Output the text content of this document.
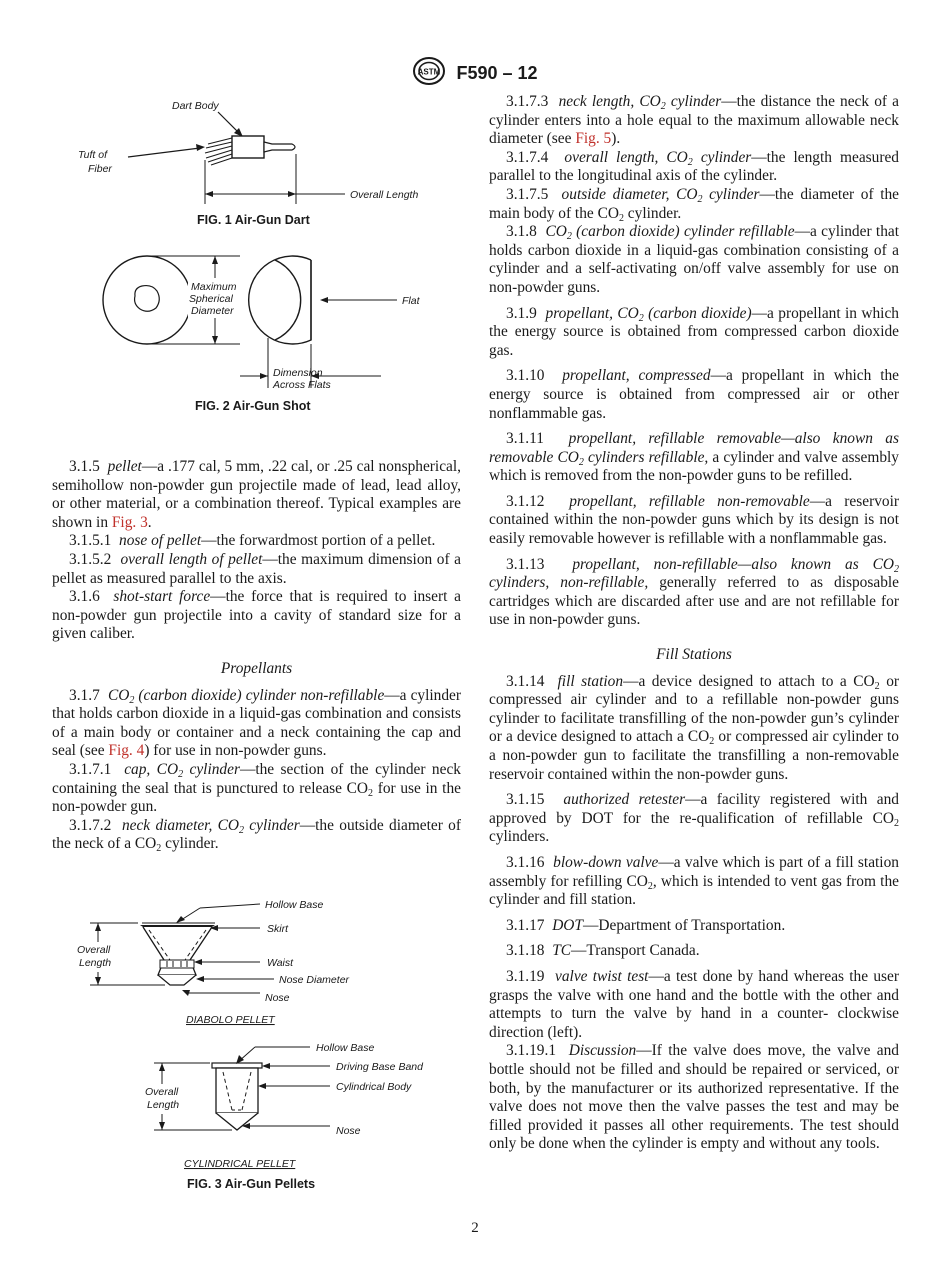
ASTM F590 – 12
Dart Body
Tuft of
Fiber
Overall Length
FIG. 1 Air-Gun Dart
Maximum
Spherical
Diameter
Dimension
Across Flats
Flat
FIG. 2 Air-Gun Shot
Overall
Length
Hollow Base
Skirt
Waist
Nose Diameter
Nose
DIABOLO PELLET
Overall
Length
Hollow Base
Driving Base Band
Cylindrical Body
Nose
CYLINDRICAL PELLET
FIG. 3 Air-Gun Pellets

3.1.5 pellet—a .177 cal, 5 mm, .22 cal, or .25 cal nonspherical, semihollow non-powder gun projectile made of lead, lead alloy, or other material, or a combination thereof. Typical examples are shown in Fig. 3.

3.1.5.1 nose of pellet—the forwardmost portion of a pellet.

3.1.5.2 overall length of pellet—the maximum dimension of a pellet as measured parallel to the axis.

3.1.6 shot-start force—the force that is required to insert a non-powder gun projectile into a cavity of standard size for a given caliber.

Propellants

3.1.7 $CO_2$ (carbon dioxide) cylinder non-refillable—a cylinder that holds carbon dioxide in a liquid-gas combination and consists of a main body or container and a neck containing the cap and seal (see Fig. 4) for use in non-powder guns.

3.1.7.1 cap, $CO_2$ cylinder—the section of the cylinder neck containing the seal that is punctured to release $CO_2$ for use in the non-powder gun.

3.1.7.2 neck diameter, $CO_2$ cylinder—the outside diameter of the neck of a $CO_2$ cylinder.

3.1.7.3 neck length, $CO_2$ cylinder—the distance the neck of a cylinder enters into a hole equal to the maximum allowable neck diameter (see Fig. 5).

3.1.7.4 overall length, $CO_2$ cylinder—the length measured parallel to the longitudinal axis of the cylinder.

3.1.7.5 outside diameter, $CO_2$ cylinder—the diameter of the main body of the $CO_2$ cylinder.

3.1.8 $CO_2$ (carbon dioxide) cylinder refillable—a cylinder that holds carbon dioxide in a liquid-gas combination consisting of a cylinder and a self-activating on/off valve assembly for use on non-powder guns.

3.1.9 propellant, $CO_2$ (carbon dioxide)—a propellant in which the energy source is obtained from compressed carbon dioxide gas.

3.1.10 propellant, compressed—a propellant in which the energy source is obtained from compressed air or other nonflammable gas.

3.1.11 propellant, refillable removable—also known as removable $CO_2$ cylinders refillable, a cylinder and valve assembly which is removed from the non-powder guns to be refilled.

3.1.12 propellant, refillable non-removable—a reservoir contained within the non-powder guns which by its design is not easily removable however is refillable with a nonflammable gas.

3.1.13 propellant, non-refillable—also known as $CO_2$ cylinders, non-refillable, generally referred to as disposable cartridges which are discarded after use and are not refillable for use in non-powder guns.

Fill Stations

3.1.14 fill station—a device designed to attach to a $CO_2$ or compressed air cylinder and to a refillable non-powder guns cylinder to facilitate transfilling of the non-powder gun’s cylinder or a device designed to attach a $CO_2$ or compressed air cylinder to a non-powder gun to facilitate the transfilling a non-removable reservoir contained within the non-powder guns.

3.1.15 authorized retester—a facility registered with and approved by DOT for the re-qualification of refillable $CO_2$ cylinders.

3.1.16 blow-down valve—a valve which is part of a fill station assembly for refilling $CO_2$, which is intended to vent gas from the cylinder and fill station.

3.1.17 DOT—Department of Transportation.

3.1.18 TC—Transport Canada.

3.1.19 valve twist test—a test done by hand whereas the user grasps the valve with one hand and the bottle with the other and attempts to turn the valve by hand in a counter- clockwise direction (left).

3.1.19.1 Discussion—If the valve does move, the valve and bottle should not be filled and should be repaired or serviced, or both, by the manufacturer or its authorized representative. If the valve does not move then the valve passes the test and may be filled provided it passes all other requirements. The test should only be done when the cylinder is empty and without any tools.

2
